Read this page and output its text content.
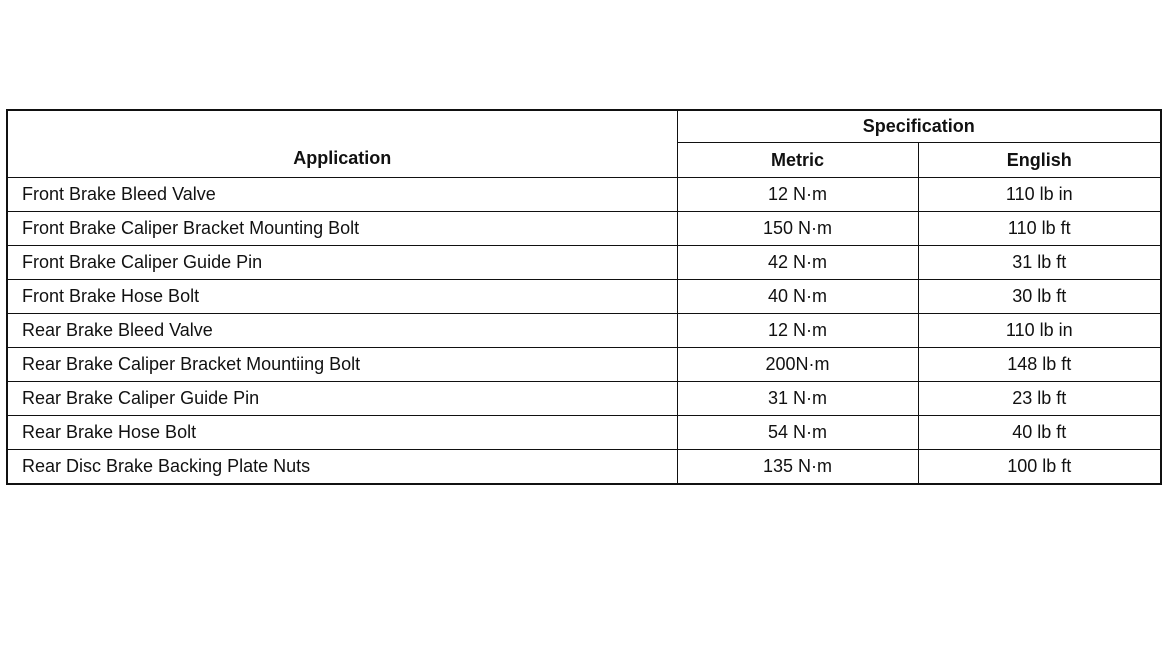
Application	Specification	
	Metric	English
Front Brake Bleed Valve	12 N·m	110 lb in
Front Brake Caliper Bracket Mounting Bolt	150 N·m	110 lb ft
Front Brake Caliper Guide Pin	42 N·m	31 lb ft
Front Brake Hose Bolt	40 N·m	30 lb ft
Rear Brake Bleed Valve	12 N·m	110 lb in
Rear Brake Caliper Bracket Mountiing Bolt	200N·m	148 lb ft
Rear Brake Caliper Guide Pin	31 N·m	23 lb ft
Rear Brake Hose Bolt	54 N·m	40 lb ft
Rear Disc Brake Backing Plate Nuts	135 N·m	100 lb ft
